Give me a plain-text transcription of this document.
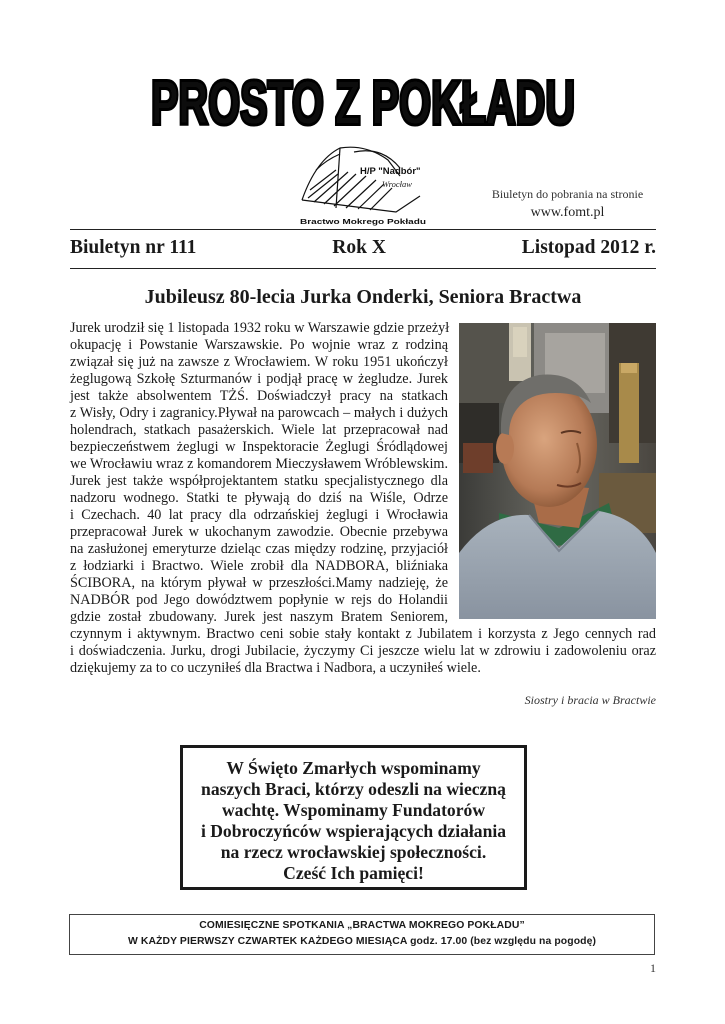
PROSTO Z POKŁADU
H/P "Nadbór"
Wrocław
Bractwo Mokrego Pokładu
Biuletyn do pobrania na stronie
www.fomt.pl
Biuletyn nr 111	Rok X	Listopad 2012 r.
Jubileusz 80-lecia Jurka Onderki, Seniora Bractwa
Jurek urodził się 1 listopada 1932 roku w Warszawie gdzie przeżył
okupację i Powstanie Warszawskie. Po wojnie wraz z rodziną
związał się już na zawsze z Wrocławiem. W roku 1951 ukończył
żeglugową Szkołę Szturmanów i podjął pracę w żegludze. Jurek
jest także absolwentem TŻŚ. Doświadczył pracy na statkach
z Wisły, Odry i zagranicy.Pływał na parowcach – małych i dużych
holendrach, statkach pasażerskich. Wiele lat przepracował nad
bezpieczeństwem żeglugi w Inspektoracie Żeglugi Śródlądowej
we Wrocławiu wraz z komandorem Mieczysławem Wróblewskim.
Jurek jest także współprojektantem statku specjalistycznego dla
nadzoru wodnego. Statki te pływają do dziś na Wiśle, Odrze
i Czechach. 40 lat pracy dla odrzańskiej żeglugi i Wrocławia
przepracował Jurek w ukochanym zawodzie. Obecnie przebywa
na zasłużonej emeryturze dzieląc czas między rodzinę, przyjaciół
z łodziarki i Bractwo. Wiele zrobił dla NADBORA, bliźniaka
ŚCIBORA, na którym pływał w przeszłości.Mamy nadzieję, że
NADBÓR pod Jego dowództwem popłynie w rejs do Holandii
gdzie został zbudowany. Jurek jest naszym Bratem Seniorem,
czynnym i aktywnym. Bractwo ceni sobie stały kontakt z Jubilatem i korzysta z Jego cennych rad
i doświadczenia. Jurku, drogi Jubilacie, życzymy Ci jeszcze wielu lat w zdrowiu i zadowoleniu oraz
dziękujemy za to co uczyniłeś dla Bractwa i Nadbora, a uczyniłeś wiele.
Siostry i bracia w Bractwie
W Święto Zmarłych wspominamy
naszych Braci, którzy odeszli na wieczną
wachtę. Wspominamy Fundatorów
i Dobroczyńców wspierających działania
na rzecz wrocławskiej społeczności.
Cześć Ich pamięci!
COMIESIĘCZNE SPOTKANIA „BRACTWA MOKREGO POKŁADU”
W KAŻDY PIERWSZY CZWARTEK KAŻDEGO MIESIĄCA godz. 17.00 (bez względu na pogodę)
1
